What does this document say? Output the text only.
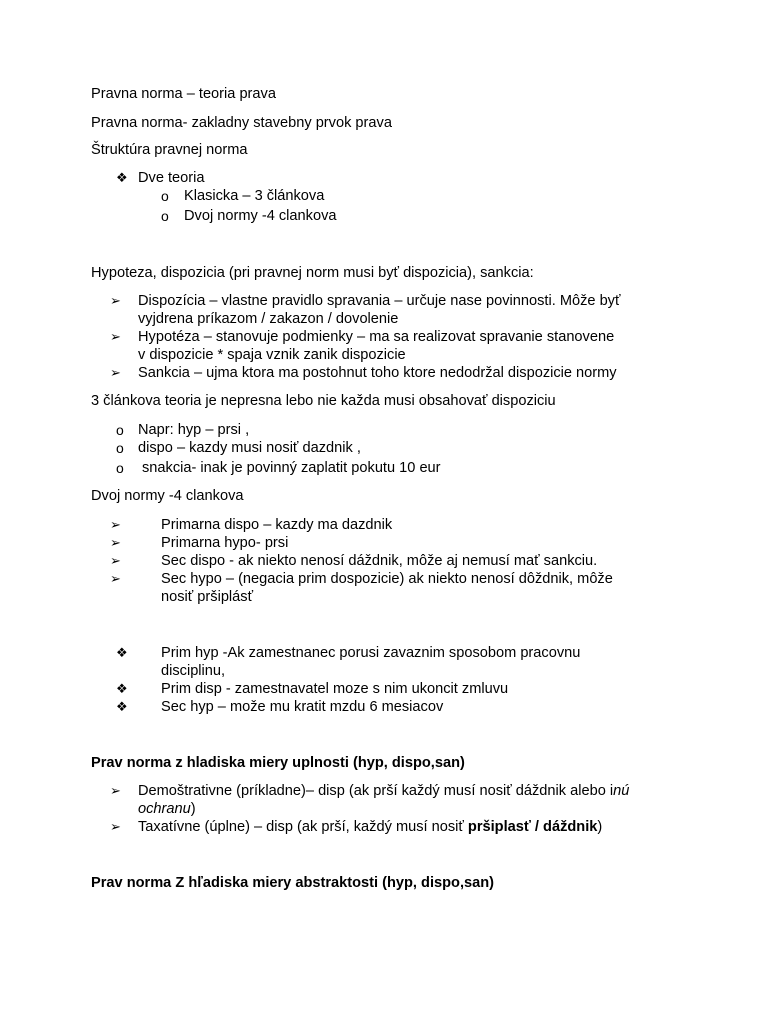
Pravna norma – teoria prava
Pravna norma- zakladny stavebny prvok prava
Štruktúra pravnej norma
❖ Dve teoria
o Klasicka – 3 článkova
o Dvoj normy -4 clankova
Hypoteza, dispozicia (pri pravnej norm musi byť dispozicia), sankcia:
➢ Dispozícia – vlastne pravidlo spravania – určuje nase povinnosti. Môže byť
vyjdrena príkazom / zakazon / dovolenie
➢ Hypotéza – stanovuje podmienky – ma sa realizovat spravanie stanovene
v dispozicie * spaja vznik zanik dispozicie
➢ Sankcia – ujma ktora ma postohnut toho ktore nedodržal dispozicie normy
3 článkova teoria je nepresna lebo nie každa musi obsahovať dispoziciu
o Napr: hyp – prsi ,
o dispo – kazdy musi nosiť dazdnik ,
o snakcia- inak je povinný zaplatit pokutu 10 eur
Dvoj normy -4 clankova
➢	Primarna dispo – kazdy ma dazdnik
➢	Primarna hypo- prsi
➢	Sec dispo - ak niekto nenosí dáždnik, môže aj nemusí mať sankciu.
➢	Sec hypo – (negacia prim dospozicie) ak niekto nenosí dôždnik, môže
nosiť pršiplásť
❖ Prim hyp -Ak zamestnanec porusi zavaznim sposobom pracovnu
disciplinu,
❖ Prim disp - zamestnavatel moze s nim ukoncit zmluvu
❖ Sec hyp – može mu kratit mzdu 6 mesiacov
Prav norma z hladiska miery uplnosti (hyp, dispo,san)
➢ Demoštrativne (príkladne)– disp (ak prší každý musí nosiť dáždnik alebo inú
ochranu)
➢ Taxatívne (úplne) – disp (ak prší, každý musí nosiť pršiplasť / dáždnik)
Prav norma Z hľadiska miery abstraktosti (hyp, dispo,san)
